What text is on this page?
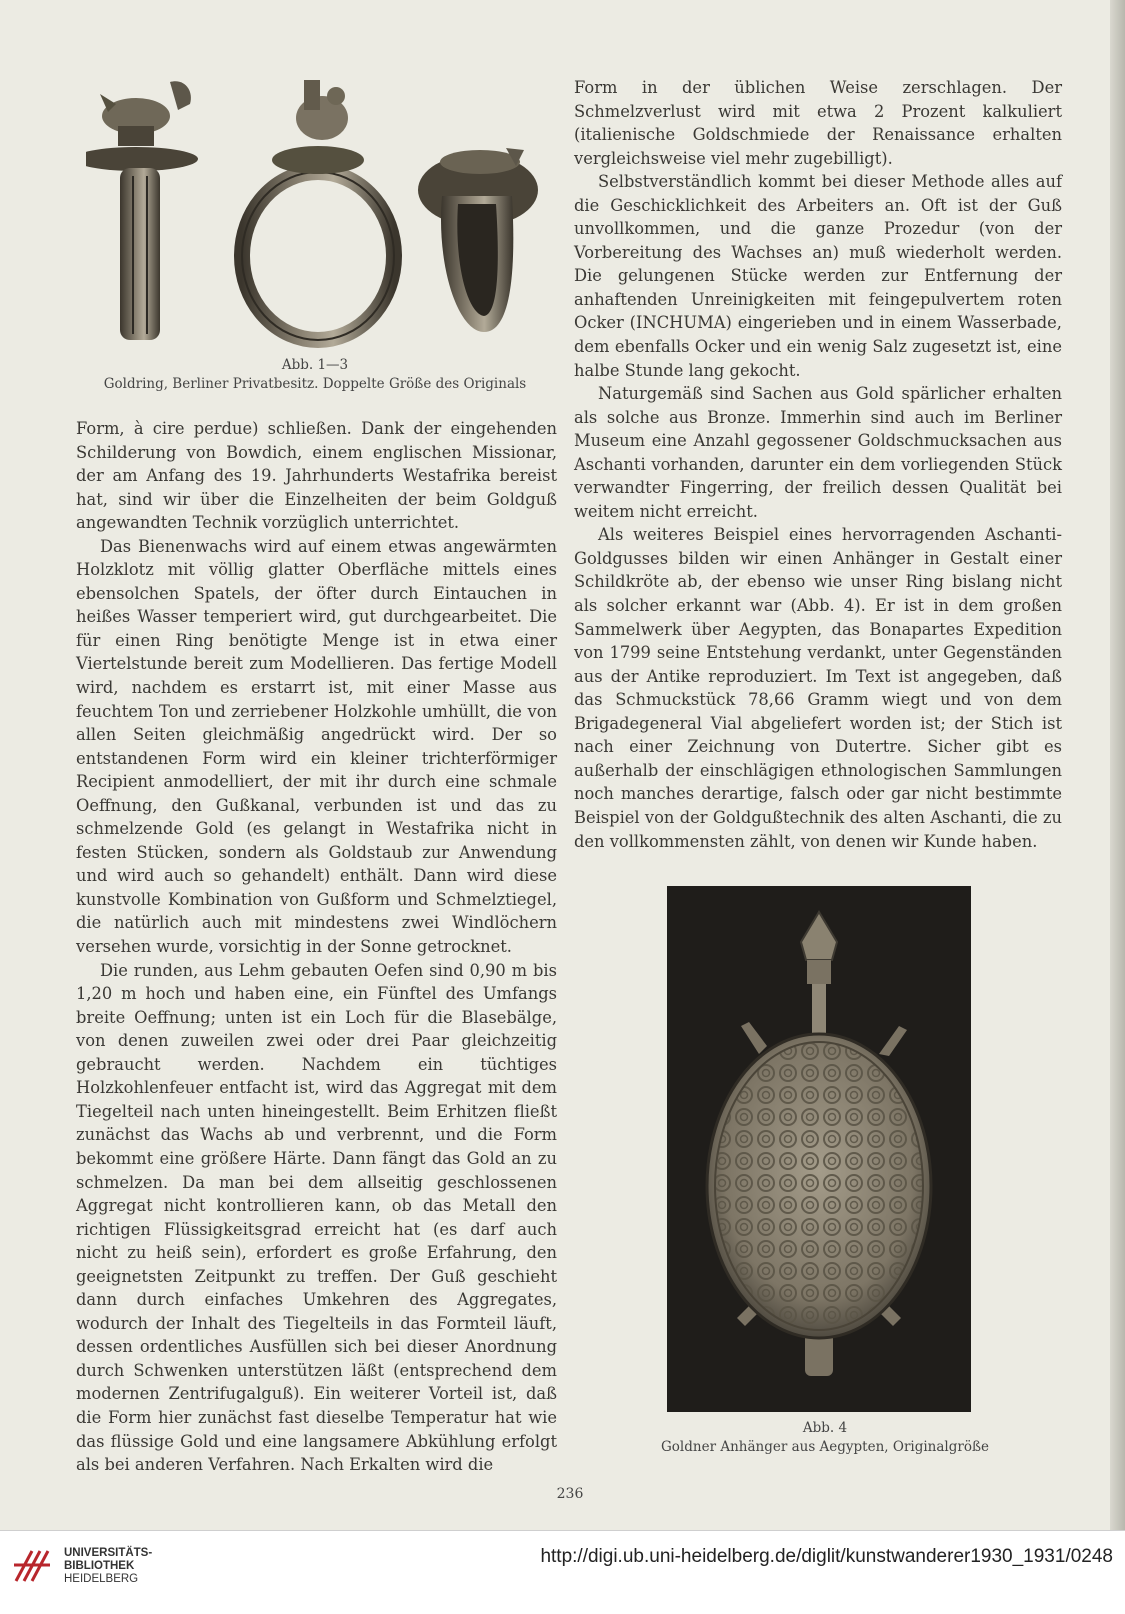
Abb. 1—3
Goldring, Berliner Privatbesitz. Doppelte Größe des Originals

Form, à cire perdue) schließen. Dank der eingehenden Schilderung von Bowdich, einem englischen Missionar, der am Anfang des 19. Jahrhunderts Westafrika bereist hat, sind wir über die Einzelheiten der beim Goldguß angewandten Technik vorzüglich unterrichtet.

Das Bienenwachs wird auf einem etwas angewärmten Holzklotz mit völlig glatter Oberfläche mittels eines ebensolchen Spatels, der öfter durch Eintauchen in heißes Wasser temperiert wird, gut durchgearbeitet. Die für einen Ring benötigte Menge ist in etwa einer Viertelstunde bereit zum Modellieren. Das fertige Modell wird, nachdem es erstarrt ist, mit einer Masse aus feuchtem Ton und zerriebener Holzkohle umhüllt, die von allen Seiten gleichmäßig angedrückt wird. Der so entstandenen Form wird ein kleiner trichterförmiger Recipient anmodelliert, der mit ihr durch eine schmale Oeffnung, den Gußkanal, verbunden ist und das zu schmelzende Gold (es gelangt in Westafrika nicht in festen Stücken, sondern als Goldstaub zur Anwendung und wird auch so gehandelt) enthält. Dann wird diese kunstvolle Kombination von Gußform und Schmelztiegel, die natürlich auch mit mindestens zwei Windlöchern versehen wurde, vorsichtig in der Sonne getrocknet.

Die runden, aus Lehm gebauten Oefen sind 0,90 m bis 1,20 m hoch und haben eine, ein Fünftel des Umfangs breite Oeffnung; unten ist ein Loch für die Blasebälge, von denen zuweilen zwei oder drei Paar gleichzeitig gebraucht werden. Nachdem ein tüchtiges Holzkohlenfeuer entfacht ist, wird das Aggregat mit dem Tiegelteil nach unten hineingestellt. Beim Erhitzen fließt zunächst das Wachs ab und verbrennt, und die Form bekommt eine größere Härte. Dann fängt das Gold an zu schmelzen. Da man bei dem allseitig geschlossenen Aggregat nicht kontrollieren kann, ob das Metall den richtigen Flüssigkeitsgrad erreicht hat (es darf auch nicht zu heiß sein), erfordert es große Erfahrung, den geeignetsten Zeitpunkt zu treffen. Der Guß geschieht dann durch einfaches Umkehren des Aggregates, wodurch der Inhalt des Tiegelteils in das Formteil läuft, dessen ordentliches Ausfüllen sich bei dieser Anordnung durch Schwenken unterstützen läßt (entsprechend dem modernen Zentrifugalguß). Ein weiterer Vorteil ist, daß die Form hier zunächst fast dieselbe Temperatur hat wie das flüssige Gold und eine langsamere Abkühlung erfolgt als bei anderen Verfahren. Nach Erkalten wird die

Form in der üblichen Weise zerschlagen. Der Schmelzverlust wird mit etwa 2 Prozent kalkuliert (italienische Goldschmiede der Renaissance erhalten vergleichsweise viel mehr zugebilligt).

Selbstverständlich kommt bei dieser Methode alles auf die Geschicklichkeit des Arbeiters an. Oft ist der Guß unvollkommen, und die ganze Prozedur (von der Vorbereitung des Wachses an) muß wiederholt werden. Die gelungenen Stücke werden zur Entfernung der anhaftenden Unreinigkeiten mit feingepulvertem roten Ocker (INCHUMA) eingerieben und in einem Wasserbade, dem ebenfalls Ocker und ein wenig Salz zugesetzt ist, eine halbe Stunde lang gekocht.

Naturgemäß sind Sachen aus Gold spärlicher erhalten als solche aus Bronze. Immerhin sind auch im Berliner Museum eine Anzahl gegossener Goldschmucksachen aus Aschanti vorhanden, darunter ein dem vorliegenden Stück verwandter Fingerring, der freilich dessen Qualität bei weitem nicht erreicht.

Als weiteres Beispiel eines hervorragenden Aschanti-Goldgusses bilden wir einen Anhänger in Gestalt einer Schildkröte ab, der ebenso wie unser Ring bislang nicht als solcher erkannt war (Abb. 4). Er ist in dem großen Sammelwerk über Aegypten, das Bonapartes Expedition von 1799 seine Entstehung verdankt, unter Gegenständen aus der Antike reproduziert. Im Text ist angegeben, daß das Schmuckstück 78,66 Gramm wiegt und von dem Brigadegeneral Vial abgeliefert worden ist; der Stich ist nach einer Zeichnung von Dutertre. Sicher gibt es außerhalb der einschlägigen ethnologischen Sammlungen noch manches derartige, falsch oder gar nicht bestimmte Beispiel von der Goldgußtechnik des alten Aschanti, die zu den vollkommensten zählt, von denen wir Kunde haben.

Abb. 4
Goldner Anhänger aus Aegypten, Originalgröße
236
UNIVERSITÄTS-
BIBLIOTHEK
HEIDELBERG
http://digi.ub.uni-heidelberg.de/diglit/kunstwanderer1930_1931/0248
